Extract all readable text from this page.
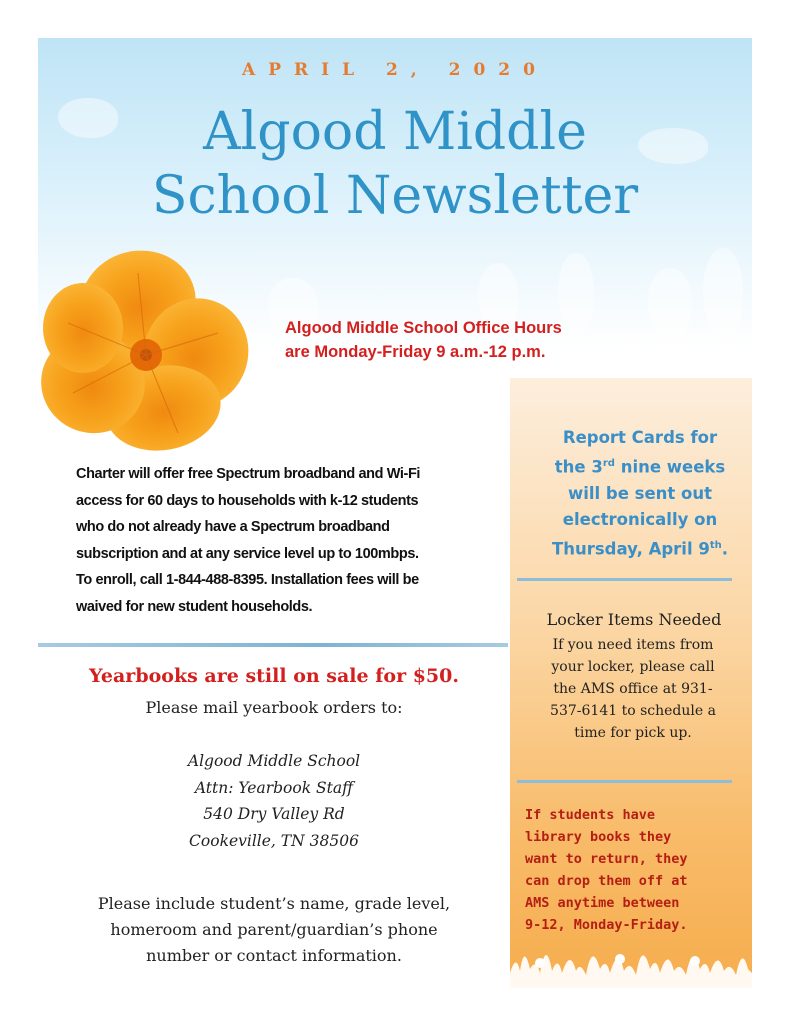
APRIL 2, 2020
Algood Middle
School Newsletter
Algood Middle School Office Hours
are Monday-Friday 9 a.m.-12 p.m.
Report Cards for
the 3rd nine weeks
will be sent out
electronically on
Thursday, April 9th.
Locker Items Needed
If you need items from
your locker, please call
the AMS office at 931-
537-6141 to schedule a
time for pick up.
If students have
library books they
want to return, they
can drop them off at
AMS anytime between
9-12, Monday-Friday.
Charter will offer free Spectrum broadband and Wi-Fi
access for 60 days to households with k-12 students
who do not already have a Spectrum broadband
subscription and at any service level up to 100mbps.
To enroll, call 1-844-488-8395. Installation fees will be
waived for new student households.
Yearbooks are still on sale for $50.
Please mail yearbook orders to:
Algood Middle School
Attn: Yearbook Staff
540 Dry Valley Rd
Cookeville, TN 38506
Please include student’s name, grade level,
homeroom and parent/guardian’s phone
number or contact information.
